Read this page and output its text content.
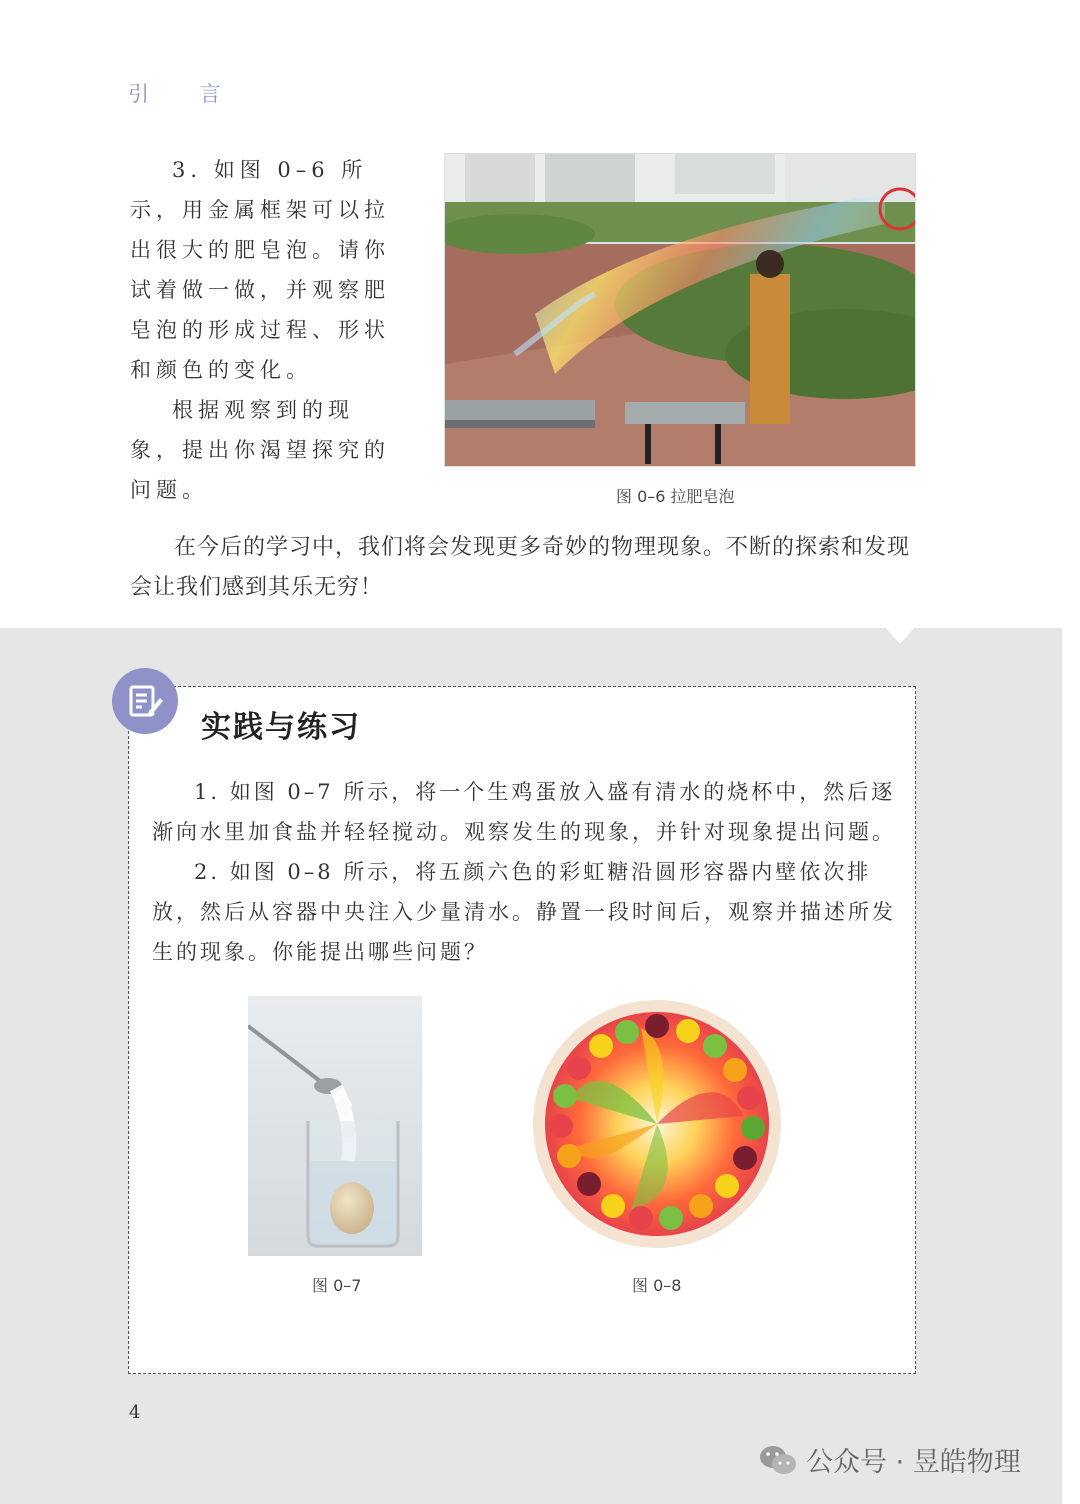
引 言

3. 如图 0–6 所示，用金属框架可以拉出很大的肥皂泡。请你试着做一做，并观察肥皂泡的形成过程、形状和颜色的变化。

根据观察到的现象，提出你渴望探究的问题。	图 0–6 拉肥皂泡
在今后的学习中，我们将会发现更多奇妙的物理现象。不断的探索和发现会让我们感到其乐无穷！
实践与练习

1. 如图 0–7 所示，将一个生鸡蛋放入盛有清水的烧杯中，然后逐渐向水里加食盐并轻轻搅动。观察发生的现象，并针对现象提出问题。

2. 如图 0–8 所示，将五颜六色的彩虹糖沿圆形容器内壁依次排放，然后从容器中央注入少量清水。静置一段时间后，观察并描述所发生的现象。你能提出哪些问题？

图 0–7	图 0–8
4
公众号 · 昱皓物理
